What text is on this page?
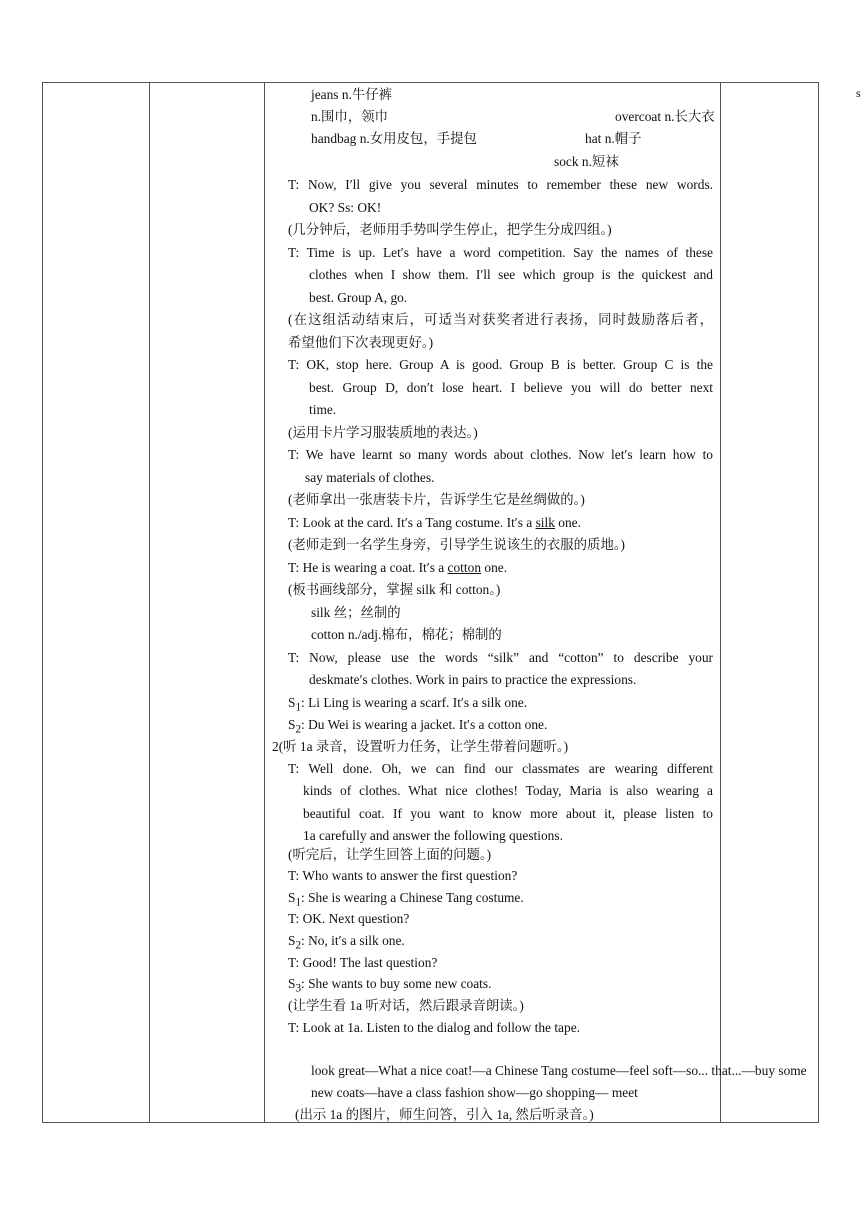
s
jeans n.牛仔裤
n.围巾，领巾	overcoat n.长大衣
handbag n.女用皮包，手提包	hat n.帽子
sock n.短袜
T: Now, I′ll give you several minutes to remember these new words.
OK? Ss: OK!
(几分钟后，老师用手势叫学生停止，把学生分成四组。)
T: Time is up. Let′s have a word competition. Say the names of these
clothes when I show them. I′ll see which group is the quickest and
best. Group A, go.
(在这组活动结束后，可适当对获奖者进行表扬，同时鼓励落后者，
希望他们下次表现更好。)
T: OK, stop here. Group A is good. Group B is better. Group C is the
best. Group D, don′t lose heart. I believe you will do better next
time.
(运用卡片学习服装质地的表达。)
T: We have learnt so many words about clothes. Now let′s learn how to
say materials of clothes.
(老师拿出一张唐装卡片，告诉学生它是丝绸做的。)
T: Look at the card. It′s a Tang costume. It′s a silk one.
(老师走到一名学生身旁，引导学生说该生的衣服的质地。)
T: He is wearing a coat. It′s a cotton one.
(板书画线部分，掌握 silk 和 cotton。)
silk 丝；丝制的
cotton n./adj.棉布，棉花；棉制的
T: Now, please use the words “silk” and “cotton” to describe your
deskmate′s clothes. Work in pairs to practice the expressions.
$S_1$: Li Ling is wearing a scarf. It′s a silk one.
$S_2$: Du Wei is wearing a jacket. It′s a cotton one.
2(听 1a 录音，设置听力任务，让学生带着问题听。)
T: Well done. Oh, we can find our classmates are wearing different
kinds of clothes. What nice clothes! Today, Maria is also wearing a
beautiful coat. If you want to know more about it, please listen to
1a carefully and answer the following questions.
(听完后，让学生回答上面的问题。)
T: Who wants to answer the first question?
$S_1$: She is wearing a Chinese Tang costume.
T: OK. Next question?
$S_2$: No, it′s a silk one.
T: Good! The last question?
$S_3$: She wants to buy some new coats.
(让学生看 1a 听对话，然后跟录音朗读。)
T: Look at 1a. Listen to the dialog and follow the tape.
look great—What a nice coat!—a Chinese Tang costume—feel soft—so... that...—buy some
new coats—have a class fashion show—go shopping— meet
(出示 1a 的图片，师生问答，引入 1a, 然后听录音。)
